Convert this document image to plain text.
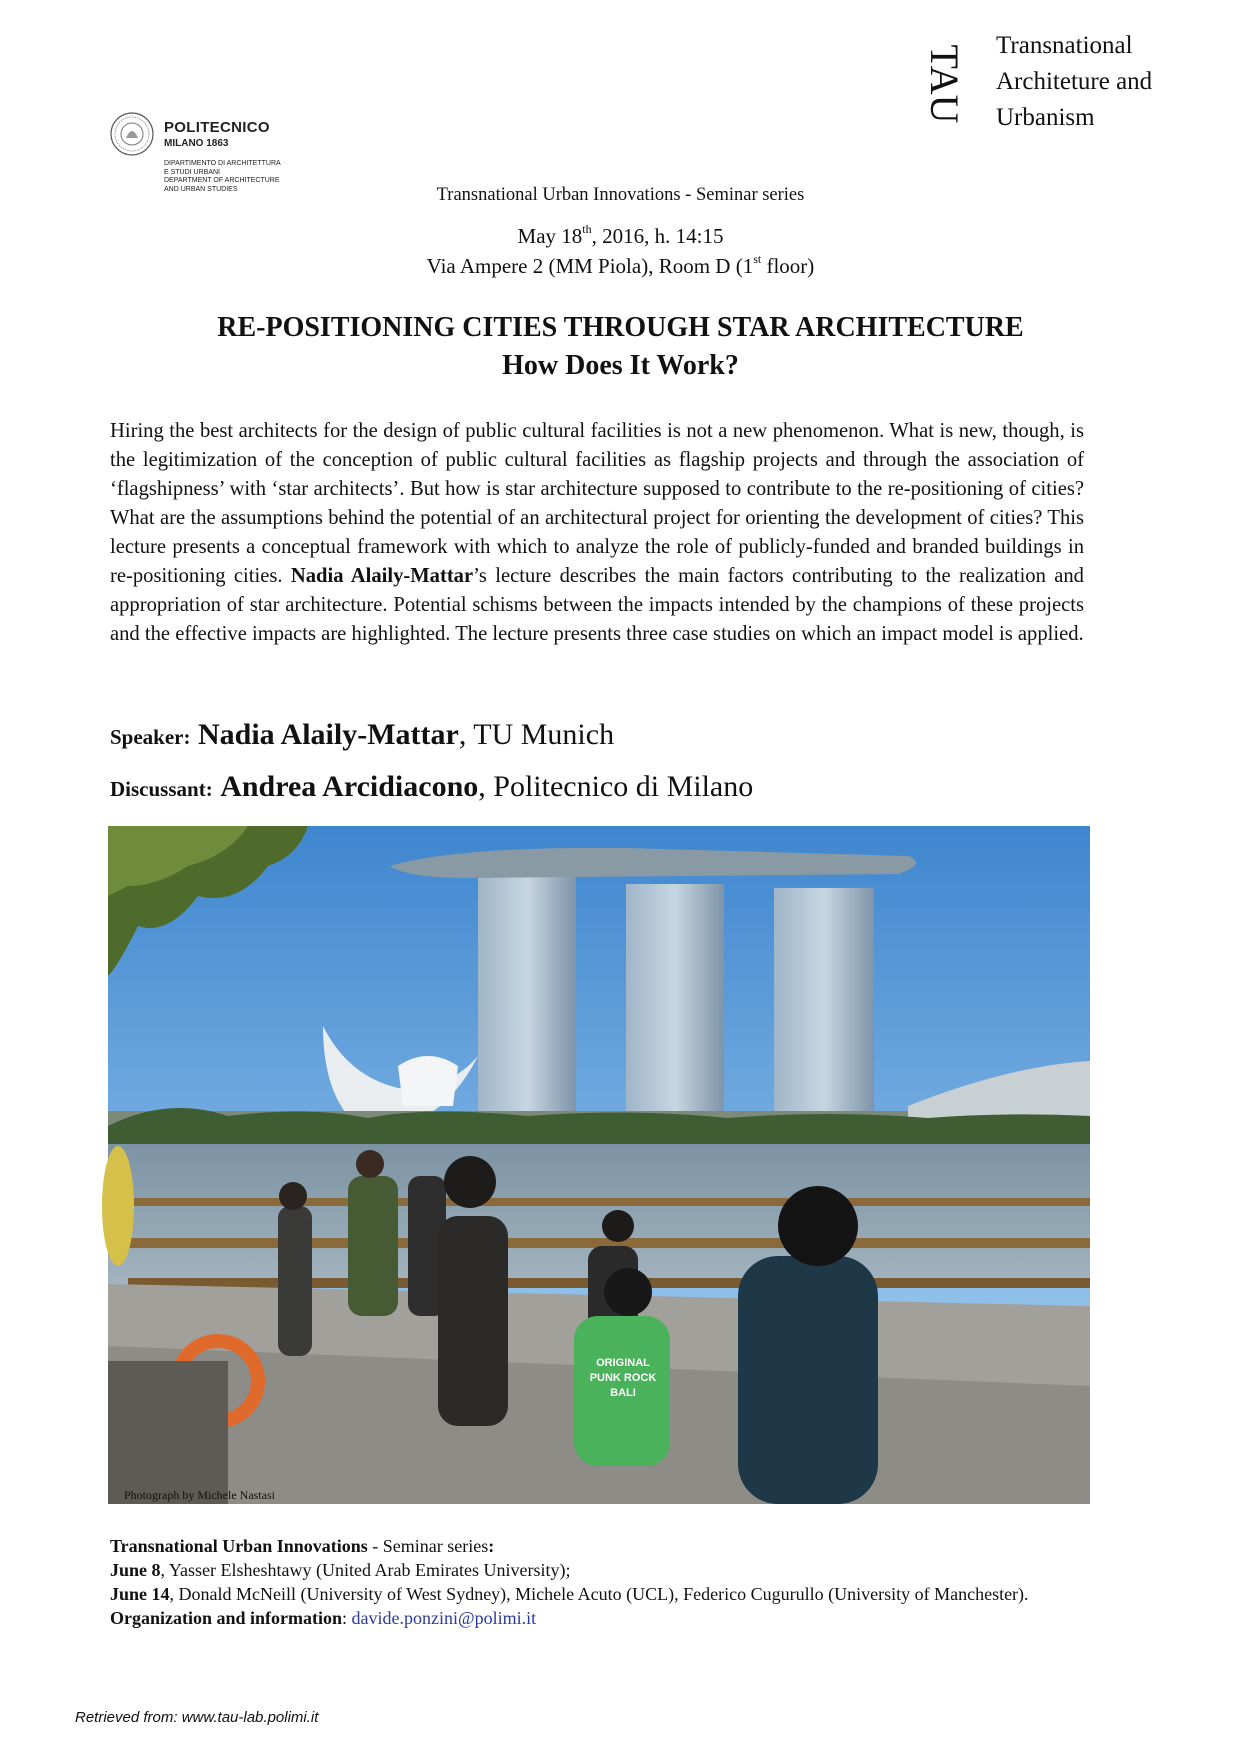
POLITECNICO
MILANO 1863
DIPARTIMENTO DI ARCHITETTURA
E STUDI URBANI
DEPARTMENT OF ARCHITECTURE
AND URBAN STUDIES
TAU Transnational
Architeture and
Urbanism
Transnational Urban Innovations - Seminar series
May 18th, 2016, h. 14:15
Via Ampere 2 (MM Piola), Room D (1st floor)
RE-POSITIONING CITIES THROUGH STAR ARCHITECTURE
How Does It Work?

Hiring the best architects for the design of public cultural facilities is not a new phenomenon. What is new, though, is the legitimization of the conception of public cultural facilities as flagship projects and through the association of ‘flagshipness’ with ‘star architects’. But how is star architecture supposed to contribute to the re-positioning of cities? What are the assumptions behind the potential of an architectural project for orienting the development of cities? This lecture presents a conceptual framework with which to analyze the role of publicly-funded and branded buildings in re-positioning cities. Nadia Alaily-Mattar’s lecture describes the main factors contributing to the realization and appropriation of star architecture. Potential schisms between the impacts intended by the champions of these projects and the effective impacts are highlighted. The lecture presents three case studies on which an impact model is applied.

Speaker: Nadia Alaily-Mattar, TU Munich
Discussant: Andrea Arcidiacono, Politecnico di Milano
ORIGINAL
PUNK ROCK
BALI
Photograph by Michele Nastasi
Transnational Urban Innovations - Seminar series:
June 8, Yasser Elsheshtawy (United Arab Emirates University);
June 14, Donald McNeill (University of West Sydney), Michele Acuto (UCL), Federico Cugurullo (University of Manchester).
Organization and information: davide.ponzini@polimi.it
Retrieved from: www.tau-lab.polimi.it
